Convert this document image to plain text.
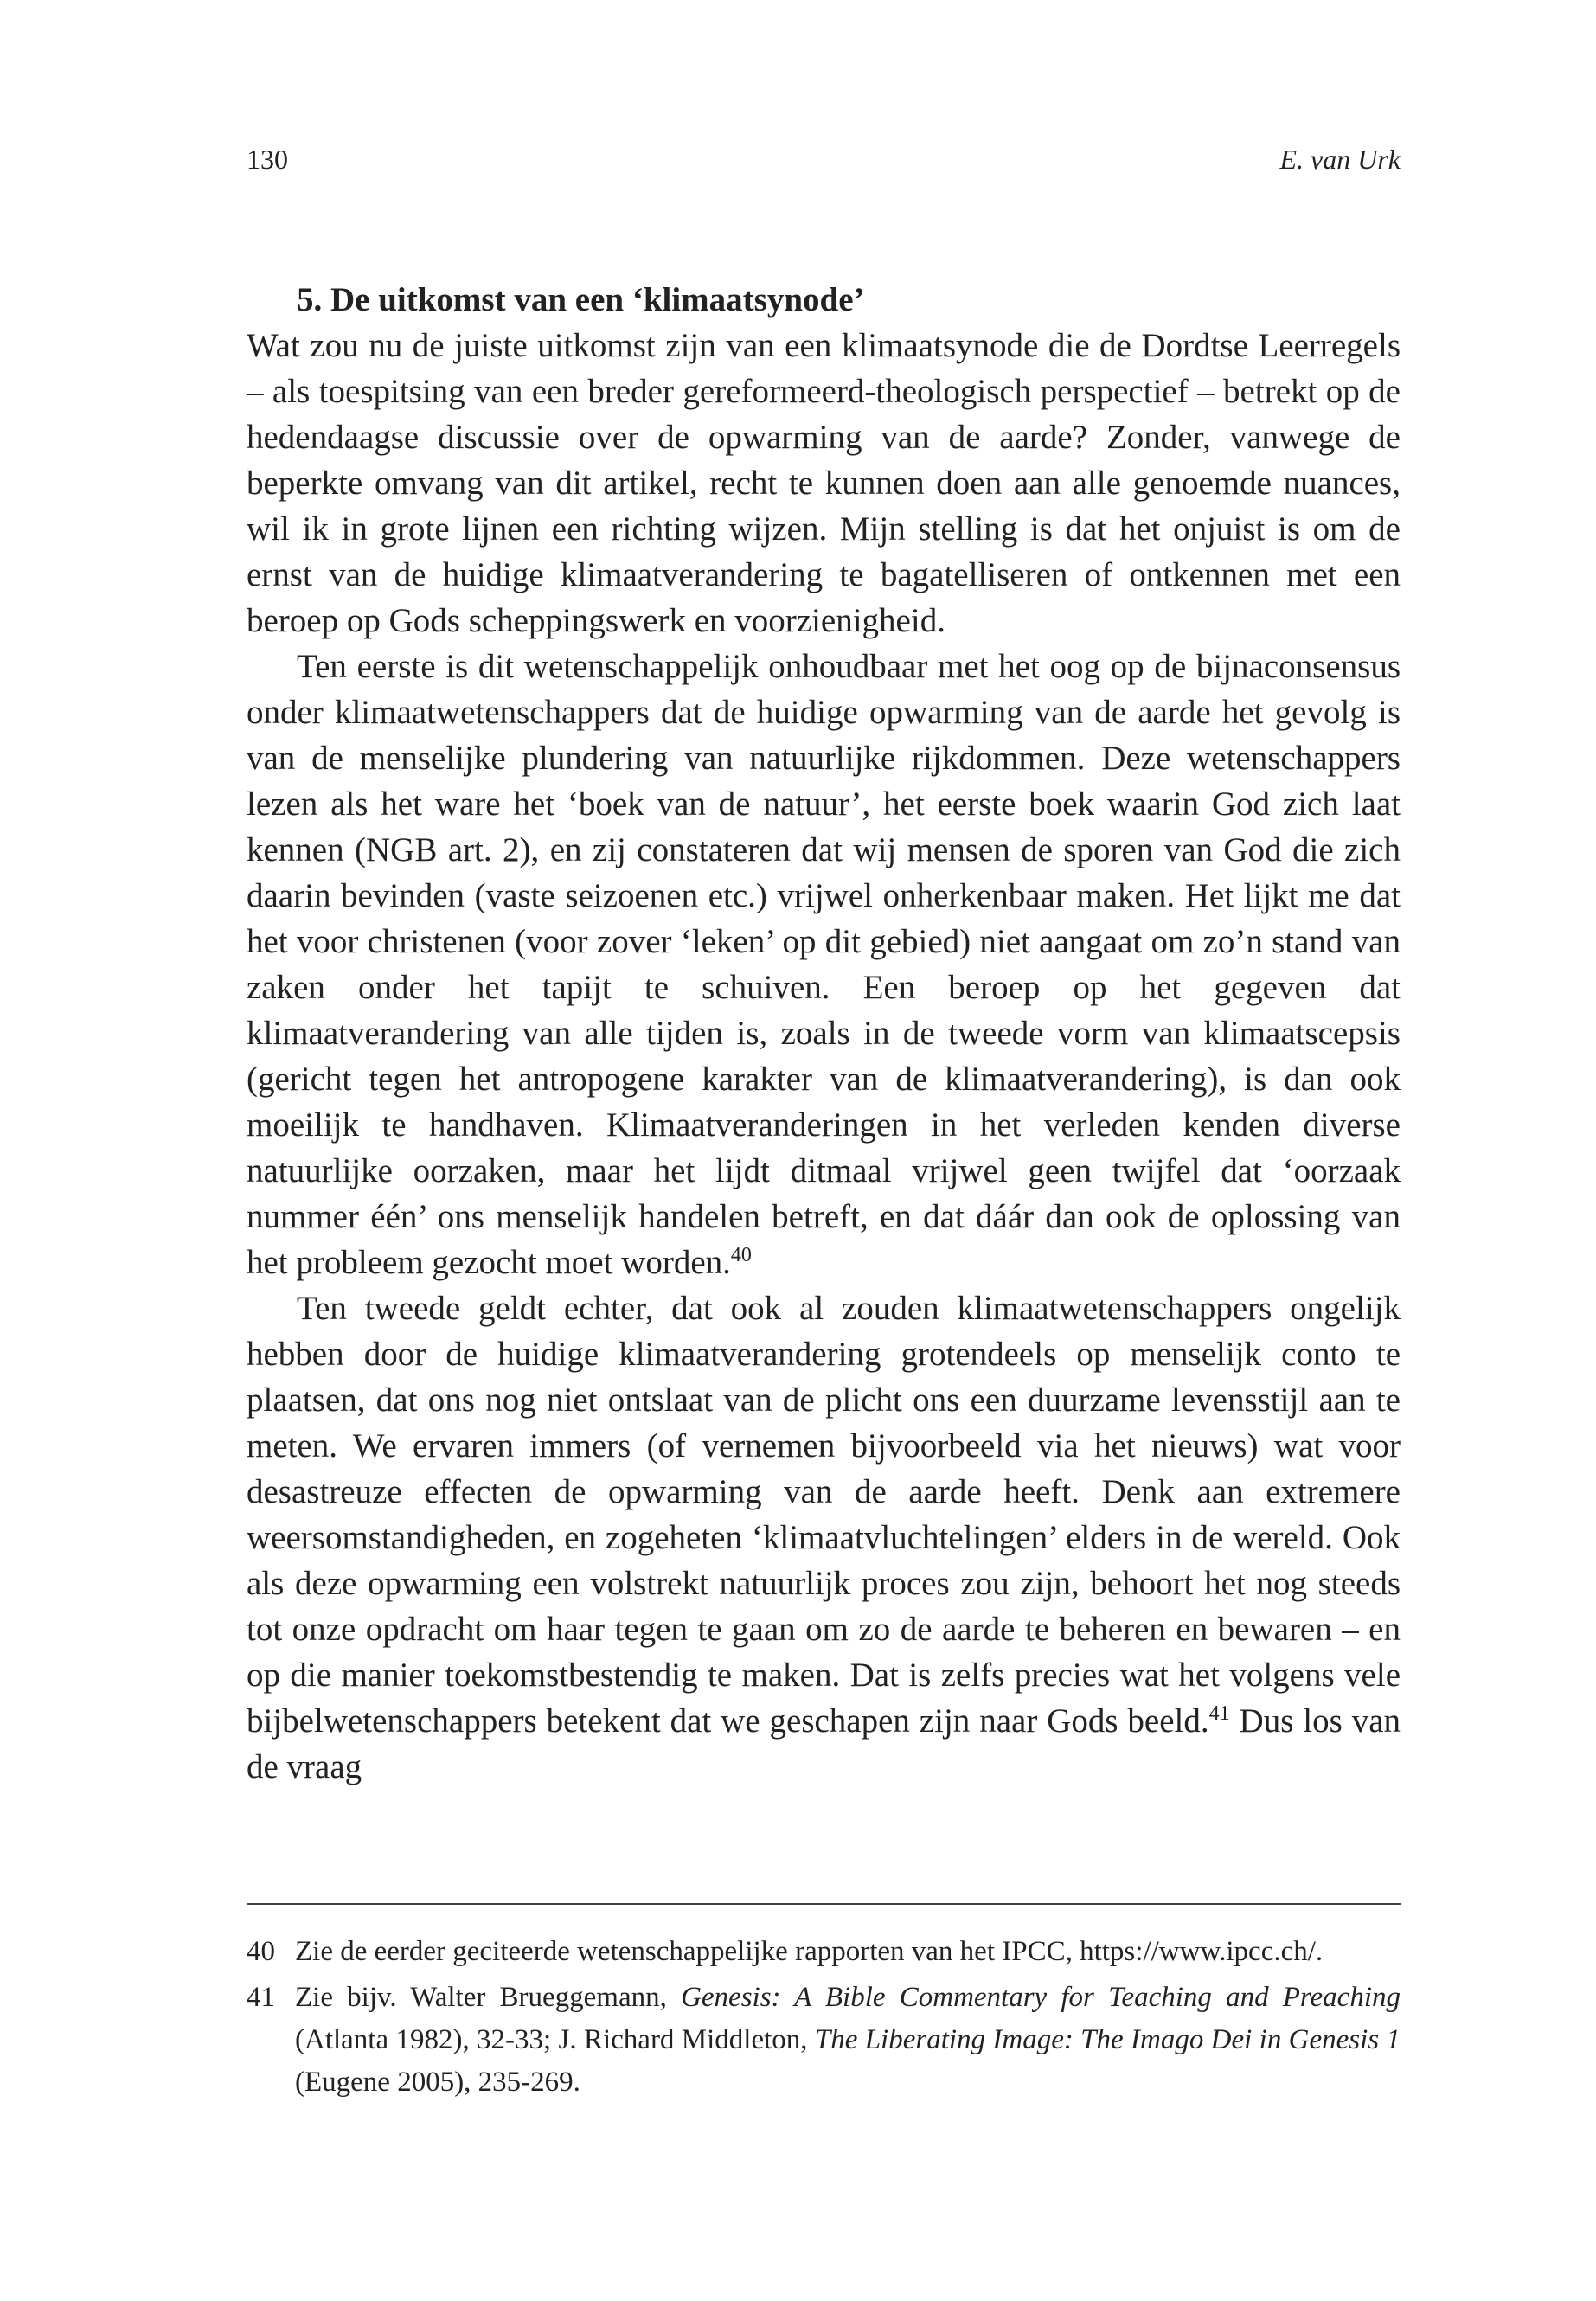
130	E. van Urk
5. De uitkomst van een ‘klimaatsynode’

Wat zou nu de juiste uitkomst zijn van een klimaatsynode die de Dordtse Leerregels – als toespitsing van een breder gereformeerd-theologisch perspectief – betrekt op de hedendaagse discussie over de opwarming van de aarde? Zonder, vanwege de beperkte omvang van dit artikel, recht te kunnen doen aan alle genoemde nuances, wil ik in grote lijnen een richting wijzen. Mijn stelling is dat het onjuist is om de ernst van de huidige klimaatverandering te bagatelliseren of ontkennen met een beroep op Gods scheppingswerk en voorzienigheid.

Ten eerste is dit wetenschappelijk onhoudbaar met het oog op de bijnaconsensus onder klimaatwetenschappers dat de huidige opwarming van de aarde het gevolg is van de menselijke plundering van natuurlijke rijkdommen. Deze wetenschappers lezen als het ware het ‘boek van de natuur’, het eerste boek waarin God zich laat kennen (NGB art. 2), en zij constateren dat wij mensen de sporen van God die zich daarin bevinden (vaste seizoenen etc.) vrijwel onherkenbaar maken. Het lijkt me dat het voor christenen (voor zover ‘leken’ op dit gebied) niet aangaat om zo’n stand van zaken onder het tapijt te schuiven. Een beroep op het gegeven dat klimaatverandering van alle tijden is, zoals in de tweede vorm van klimaatscepsis (gericht tegen het antropogene karakter van de klimaatverandering), is dan ook moeilijk te handhaven. Klimaatveranderingen in het verleden kenden diverse natuurlijke oorzaken, maar het lijdt ditmaal vrijwel geen twijfel dat ‘oorzaak nummer één’ ons menselijk handelen betreft, en dat dáár dan ook de oplossing van het probleem gezocht moet worden.$^{40}$

Ten tweede geldt echter, dat ook al zouden klimaatwetenschappers ongelijk hebben door de huidige klimaatverandering grotendeels op menselijk conto te plaatsen, dat ons nog niet ontslaat van de plicht ons een duurzame levensstijl aan te meten. We ervaren immers (of vernemen bijvoorbeeld via het nieuws) wat voor desastreuze effecten de opwarming van de aarde heeft. Denk aan extremere weersomstandigheden, en zogeheten ‘klimaatvluchtelingen’ elders in de wereld. Ook als deze opwarming een volstrekt natuurlijk proces zou zijn, behoort het nog steeds tot onze opdracht om haar tegen te gaan om zo de aarde te beheren en bewaren – en op die manier toekomstbestendig te maken. Dat is zelfs precies wat het volgens vele bijbelwetenschappers betekent dat we geschapen zijn naar Gods beeld.$^{41}$ Dus los van de vraag

40 Zie de eerder geciteerde wetenschappelijke rapporten van het IPCC, https://www.ipcc.ch/.

41 Zie bijv. Walter Brueggemann, Genesis: A Bible Commentary for Teaching and Preaching (Atlanta 1982), 32-33; J. Richard Middleton, The Liberating Image: The Imago Dei in Genesis 1 (Eugene 2005), 235-269.
